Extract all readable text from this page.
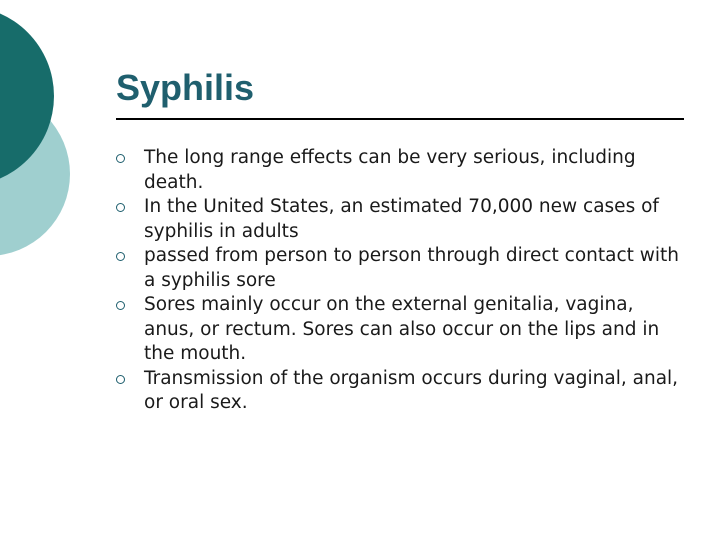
Syphilis
The long range effects can be very serious, including death.
In the United States, an estimated 70,000 new cases of syphilis in adults
passed from person to person through direct contact with a syphilis sore
Sores mainly occur on the external genitalia, vagina, anus, or rectum. Sores can also occur on the lips and in the mouth.
Transmission of the organism occurs during vaginal, anal, or oral sex.
